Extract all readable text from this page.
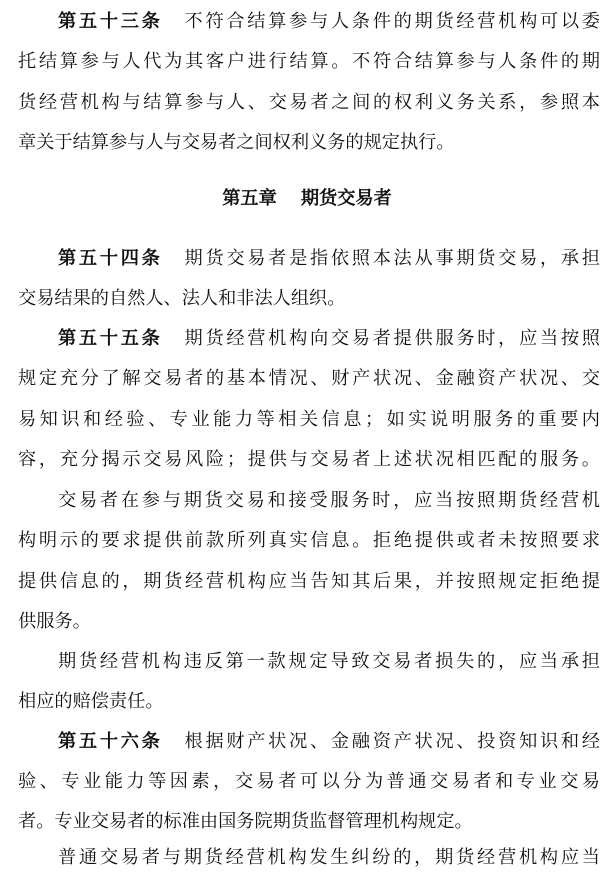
第五十三条 不符合结算参与人条件的期货经营机构可以委
托结算参与人代为其客户进行结算。不符合结算参与人条件的期
货经营机构与结算参与人、交易者之间的权利义务关系，参照本
章关于结算参与人与交易者之间权利义务的规定执行。
第五章 期货交易者
第五十四条 期货交易者是指依照本法从事期货交易，承担
交易结果的自然人、法人和非法人组织。
第五十五条 期货经营机构向交易者提供服务时，应当按照
规定充分了解交易者的基本情况、财产状况、金融资产状况、交
易知识和经验、专业能力等相关信息；如实说明服务的重要内
容，充分揭示交易风险；提供与交易者上述状况相匹配的服务。
交易者在参与期货交易和接受服务时，应当按照期货经营机
构明示的要求提供前款所列真实信息。拒绝提供或者未按照要求
提供信息的，期货经营机构应当告知其后果，并按照规定拒绝提
供服务。
期货经营机构违反第一款规定导致交易者损失的，应当承担
相应的赔偿责任。
第五十六条 根据财产状况、金融资产状况、投资知识和经
验、专业能力等因素，交易者可以分为普通交易者和专业交易
者。专业交易者的标准由国务院期货监督管理机构规定。
普通交易者与期货经营机构发生纠纷的，期货经营机构应当
